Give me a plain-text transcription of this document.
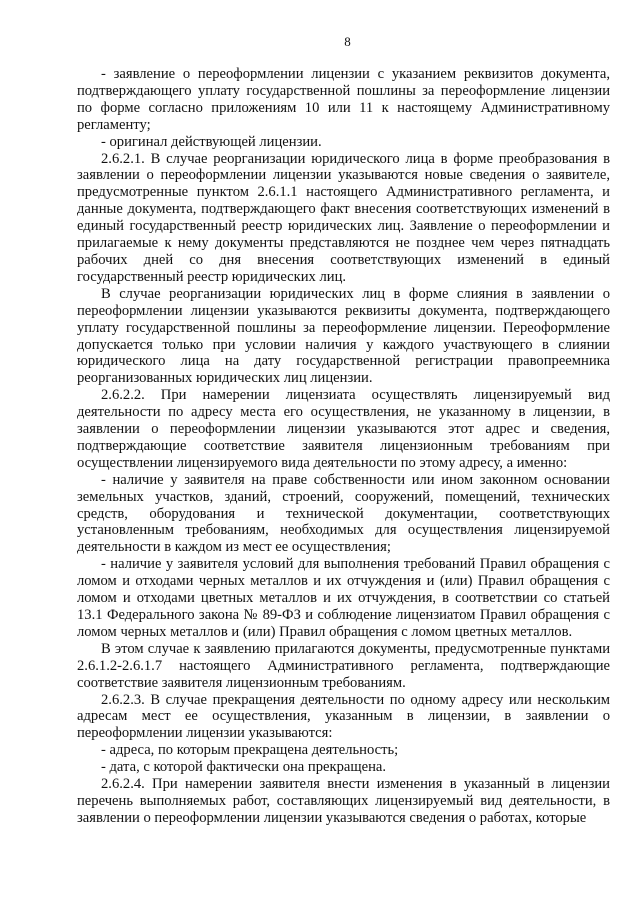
8

- заявление о переоформлении лицензии с указанием реквизитов документа, подтверждающего уплату государственной пошлины за переоформление лицензии по форме согласно приложениям 10 или 11 к настоящему Административному регламенту;

- оригинал действующей лицензии.

2.6.2.1. В случае реорганизации юридического лица в форме преобразования в заявлении о переоформлении лицензии указываются новые сведения о заявителе, предусмотренные пунктом 2.6.1.1 настоящего Административного регламента, и данные документа, подтверждающего факт внесения соответствующих изменений в единый государственный реестр юридических лиц. Заявление о переоформлении и прилагаемые к нему документы представляются не позднее чем через пятнадцать рабочих дней со дня внесения соответствующих изменений в единый государственный реестр юридических лиц.

В случае реорганизации юридических лиц в форме слияния в заявлении о переоформлении лицензии указываются реквизиты документа, подтверждающего уплату государственной пошлины за переоформление лицензии. Переоформление допускается только при условии наличия у каждого участвующего в слиянии юридического лица на дату государственной регистрации правопреемника реорганизованных юридических лиц лицензии.

2.6.2.2. При намерении лицензиата осуществлять лицензируемый вид деятельности по адресу места его осуществления, не указанному в лицензии, в заявлении о переоформлении лицензии указываются этот адрес и сведения, подтверждающие соответствие заявителя лицензионным требованиям при осуществлении лицензируемого вида деятельности по этому адресу, а именно:

- наличие у заявителя на праве собственности или ином законном основании земельных участков, зданий, строений, сооружений, помещений, технических средств, оборудования и технической документации, соответствующих установленным требованиям, необходимых для осуществления лицензируемой деятельности в каждом из мест ее осуществления;

- наличие у заявителя условий для выполнения требований Правил обращения с ломом и отходами черных металлов и их отчуждения и (или) Правил обращения с ломом и отходами цветных металлов и их отчуждения, в соответствии со статьей 13.1 Федерального закона № 89-ФЗ и соблюдение лицензиатом Правил обращения с ломом черных металлов и (или) Правил обращения с ломом цветных металлов.

В этом случае к заявлению прилагаются документы, предусмотренные пунктами 2.6.1.2-2.6.1.7 настоящего Административного регламента, подтверждающие соответствие заявителя лицензионным требованиям.

2.6.2.3. В случае прекращения деятельности по одному адресу или нескольким адресам мест ее осуществления, указанным в лицензии, в заявлении о переоформлении лицензии указываются:

- адреса, по которым прекращена деятельность;

- дата, с которой фактически она прекращена.

2.6.2.4. При намерении заявителя внести изменения в указанный в лицензии перечень выполняемых работ, составляющих лицензируемый вид деятельности, в заявлении о переоформлении лицензии указываются сведения о работах, которые
